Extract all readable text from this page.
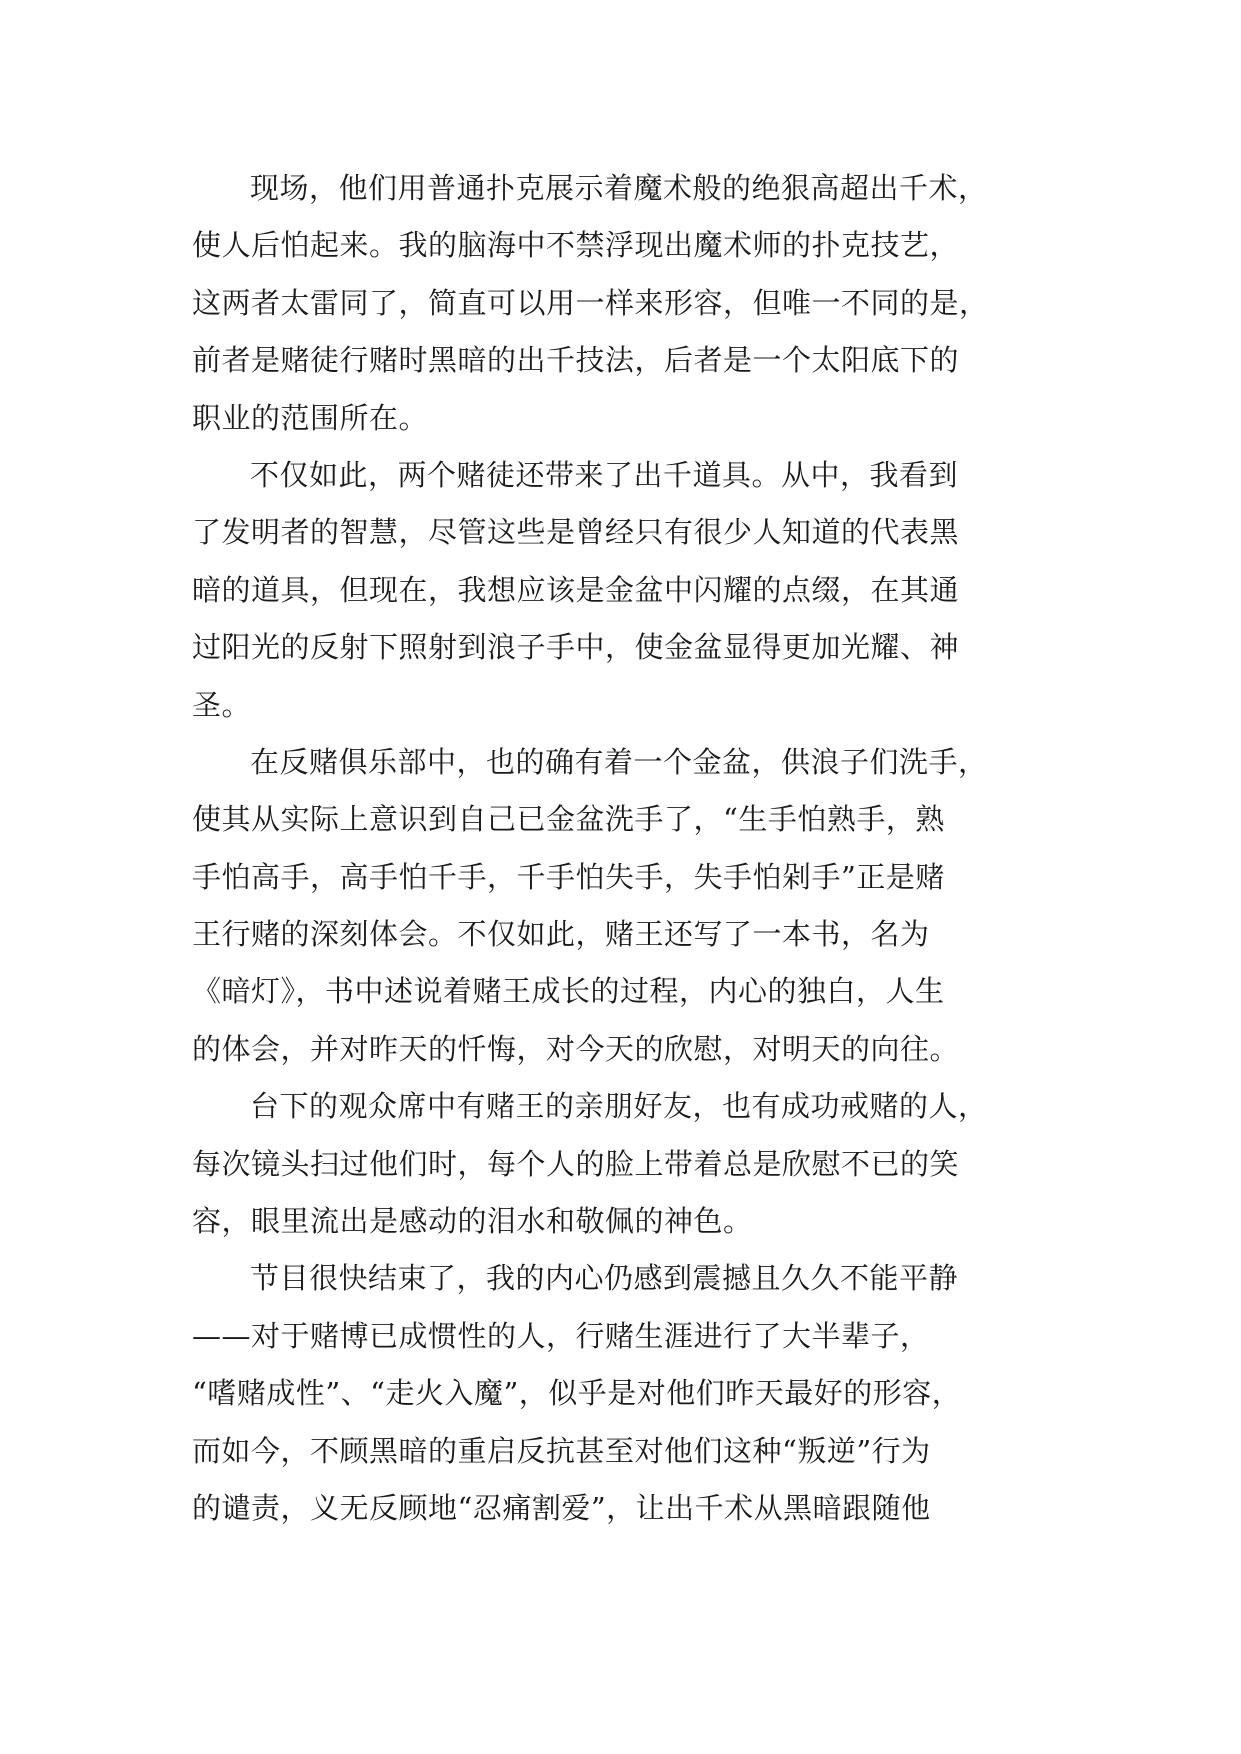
现场，他们用普通扑克展示着魔术般的绝狠高超出千术，
使人后怕起来。我的脑海中不禁浮现出魔术师的扑克技艺，
这两者太雷同了，简直可以用一样来形容，但唯一不同的是，
前者是赌徒行赌时黑暗的出千技法，后者是一个太阳底下的
职业的范围所在。
不仅如此，两个赌徒还带来了出千道具。从中，我看到
了发明者的智慧，尽管这些是曾经只有很少人知道的代表黑
暗的道具，但现在，我想应该是金盆中闪耀的点缀，在其通
过阳光的反射下照射到浪子手中，使金盆显得更加光耀、神
圣。
在反赌俱乐部中，也的确有着一个金盆，供浪子们洗手，
使其从实际上意识到自己已金盆洗手了，“生手怕熟手，熟
手怕高手，高手怕千手，千手怕失手，失手怕剁手”正是赌
王行赌的深刻体会。不仅如此，赌王还写了一本书，名为
《暗灯》，书中述说着赌王成长的过程，内心的独白，人生
的体会，并对昨天的忏悔，对今天的欣慰，对明天的向往。
台下的观众席中有赌王的亲朋好友，也有成功戒赌的人，
每次镜头扫过他们时，每个人的脸上带着总是欣慰不已的笑
容，眼里流出是感动的泪水和敬佩的神色。
节目很快结束了，我的内心仍感到震撼且久久不能平静
——对于赌博已成惯性的人，行赌生涯进行了大半辈子，
“嗜赌成性”、“走火入魔”，似乎是对他们昨天最好的形容，
而如今，不顾黑暗的重启反抗甚至对他们这种“叛逆”行为
的谴责，义无反顾地“忍痛割爱”，让出千术从黑暗跟随他
